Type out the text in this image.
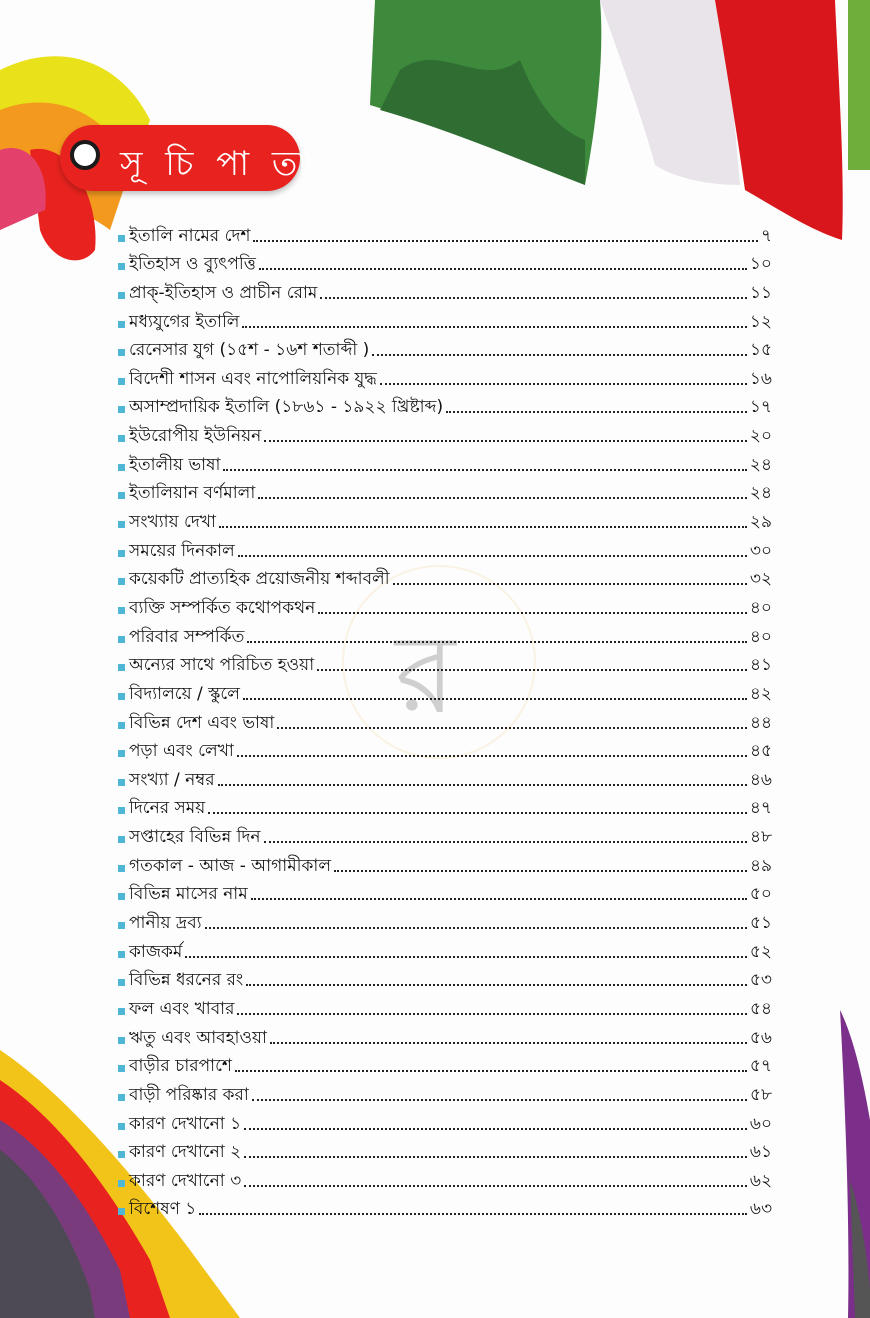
সূ চি পা তা
র
ইতালি নামের দেশ	৭
ইতিহাস ও ব্যুৎপত্তি	১০
প্রাক্-ইতিহাস ও প্রাচীন রোম	১১
মধ্যযুগের ইতালি	১২
রেনেসার যুগ (১৫শ - ১৬শ শতাব্দী )	১৫
বিদেশী শাসন এবং নাপোলিয়নিক যুদ্ধ	১৬
অসাম্প্রদায়িক ইতালি (১৮৬১ - ১৯২২ খ্রিষ্টাব্দ)	১৭
ইউরোপীয় ইউনিয়ন	২০
ইতালীয় ভাষা	২৪
ইতালিয়ান বর্ণমালা	২৪
সংখ্যায় দেখা	২৯
সময়ের দিনকাল	৩০
কয়েকটি প্রাত্যহিক প্রয়োজনীয় শব্দাবলী	৩২
ব্যক্তি সম্পর্কিত কথোপকথন	৪০
পরিবার সম্পর্কিত	৪০
অন্যের সাথে পরিচিত হওয়া	৪১
বিদ্যালয়ে / স্কুলে	৪২
বিভিন্ন দেশ এবং ভাষা	৪৪
পড়া এবং লেখা	৪৫
সংখ্যা / নম্বর	৪৬
দিনের সময়	৪৭
সপ্তাহের বিভিন্ন দিন	৪৮
গতকাল - আজ - আগামীকাল	৪৯
বিভিন্ন মাসের নাম	৫০
পানীয় দ্রব্য	৫১
কাজকর্ম	৫২
বিভিন্ন ধরনের রং	৫৩
ফল এবং খাবার	৫৪
ঋতু এবং আবহাওয়া	৫৬
বাড়ীর চারপাশে	৫৭
বাড়ী পরিষ্কার করা	৫৮
কারণ দেখানো ১	৬০
কারণ দেখানো ২	৬১
কারণ দেখানো ৩	৬২
বিশেষণ ১	৬৩
